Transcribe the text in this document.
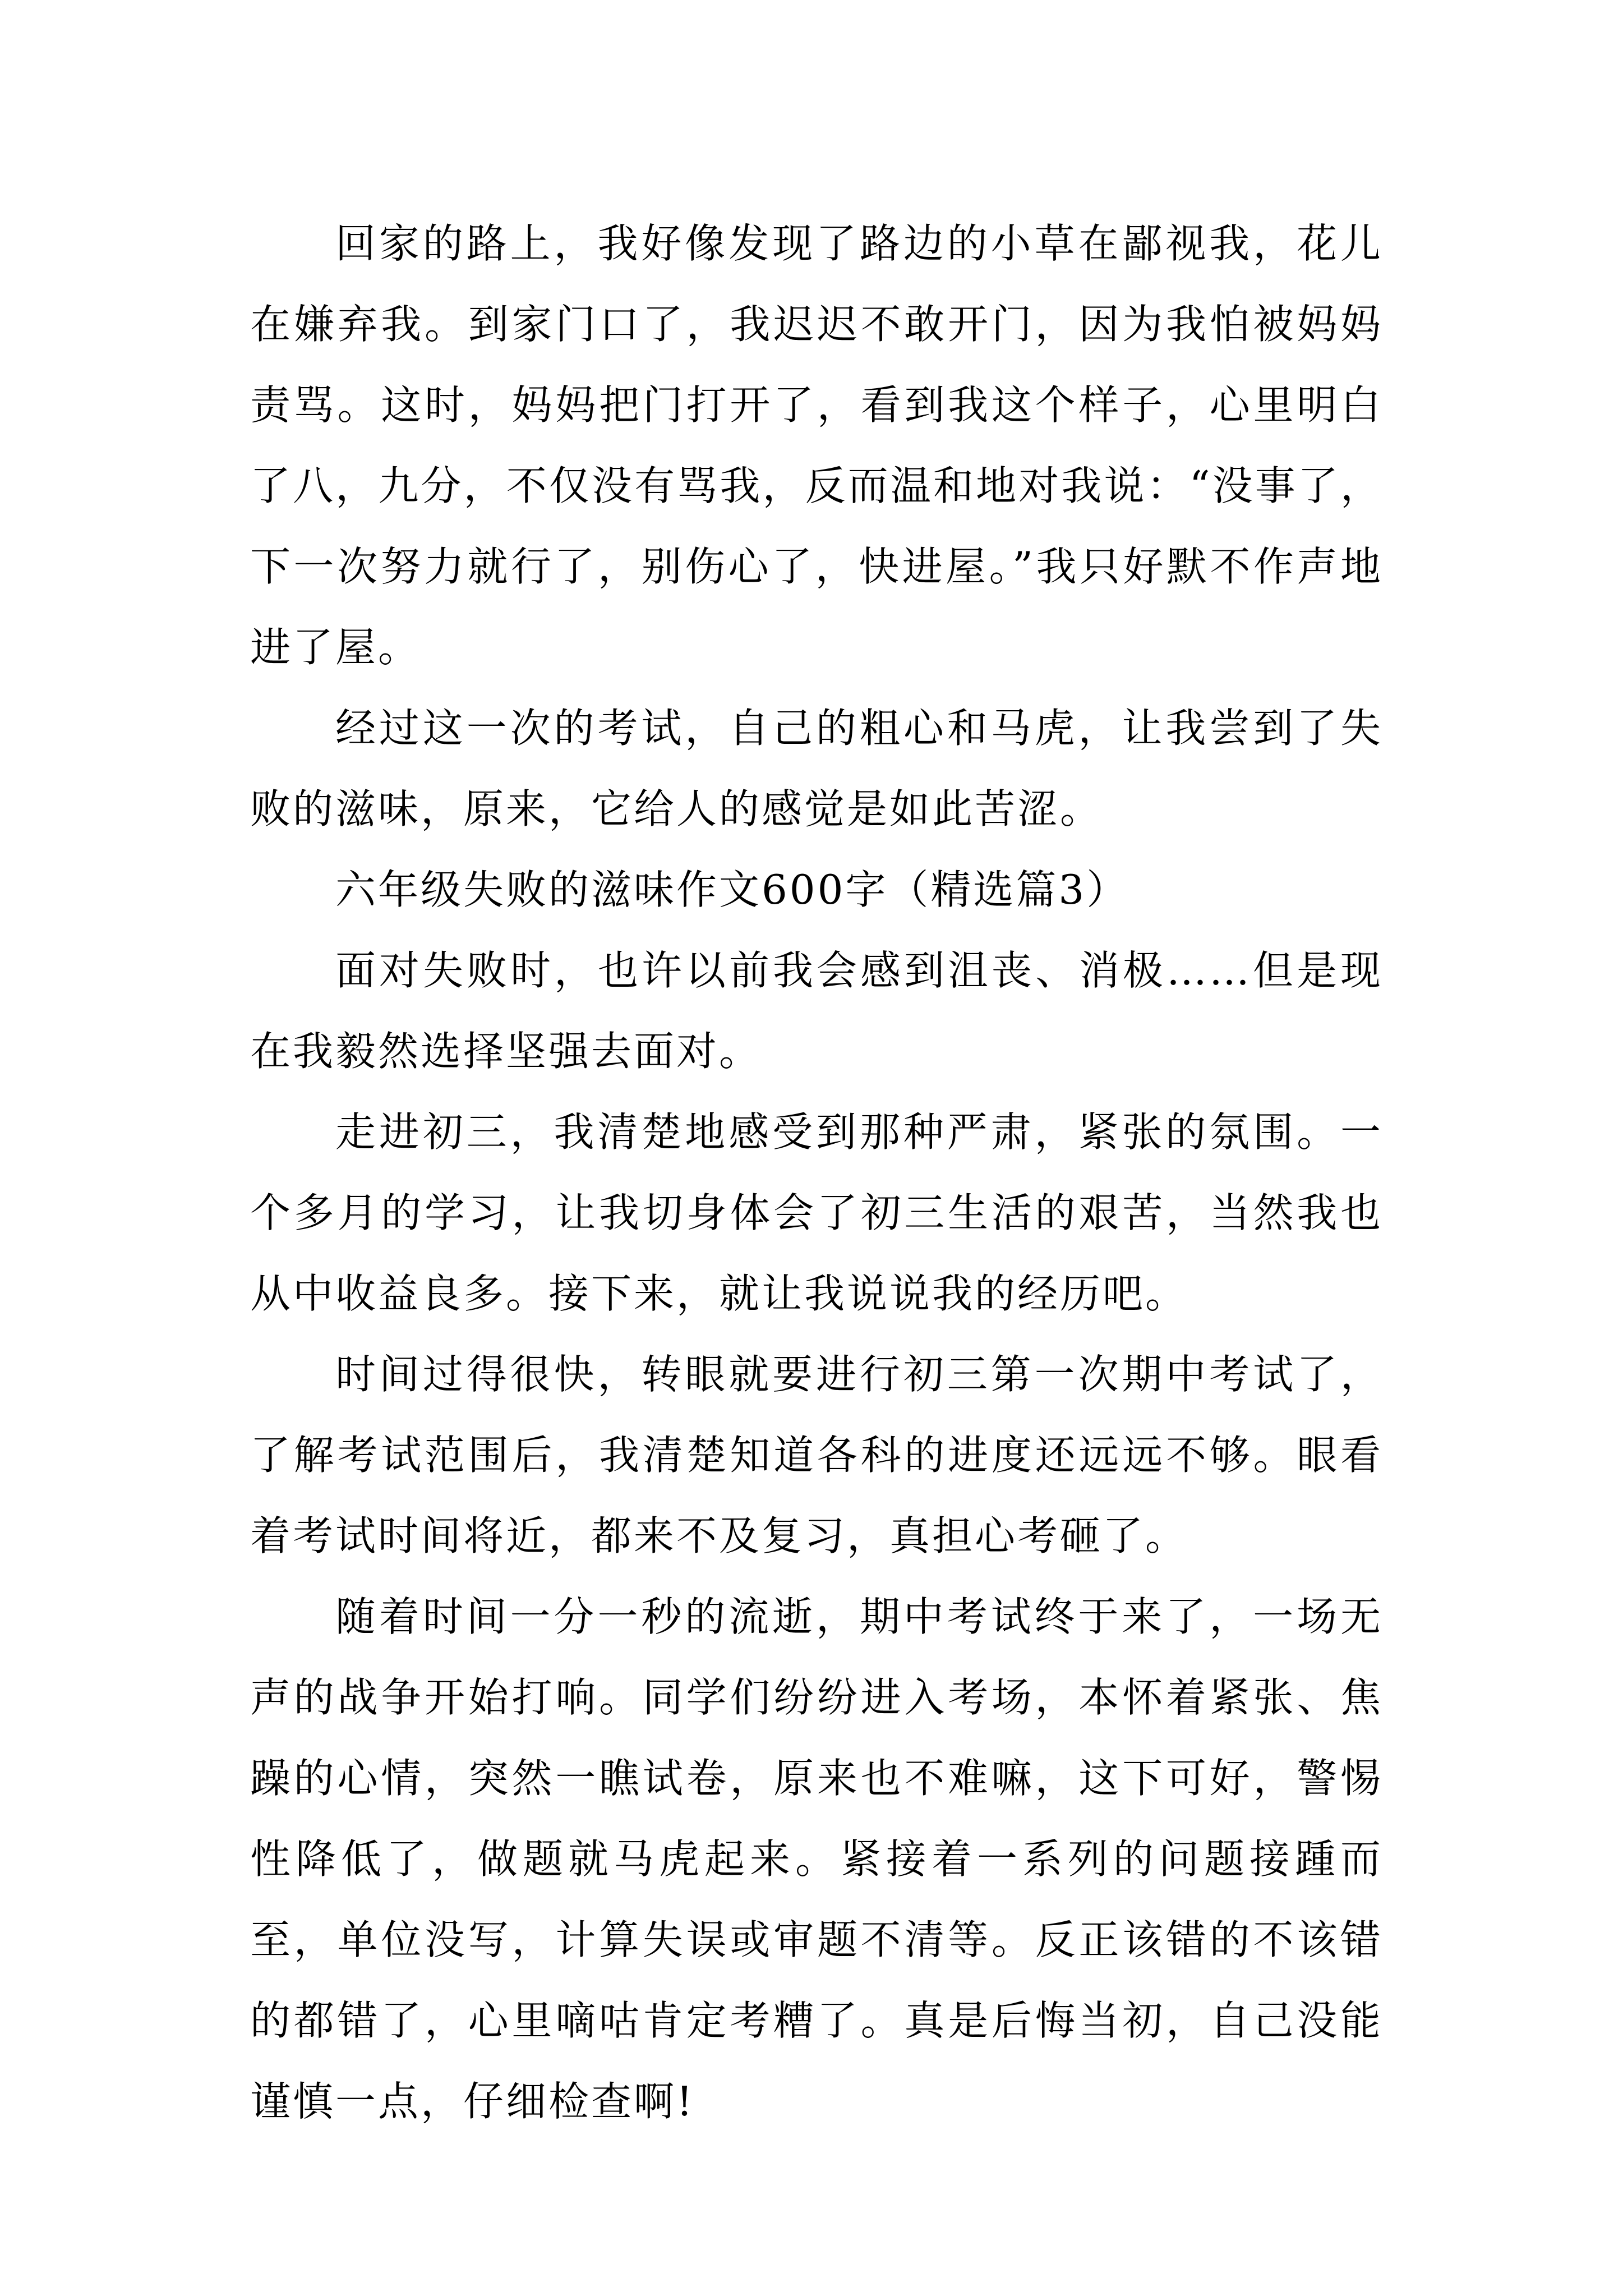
回家的路上，我好像发现了路边的小草在鄙视我，花儿在嫌弃我。到家门口了，我迟迟不敢开门，因为我怕被妈妈责骂。这时，妈妈把门打开了，看到我这个样子，心里明白了八，九分，不仅没有骂我，反而温和地对我说：“没事了，下一次努力就行了，别伤心了，快进屋。”我只好默不作声地进了屋。

经过这一次的考试，自己的粗心和马虎，让我尝到了失败的滋味，原来，它给人的感觉是如此苦涩。

六年级失败的滋味作文600字（精选篇3）

面对失败时，也许以前我会感到沮丧、消极……但是现在我毅然选择坚强去面对。

走进初三，我清楚地感受到那种严肃，紧张的氛围。一个多月的学习，让我切身体会了初三生活的艰苦，当然我也从中收益良多。接下来，就让我说说我的经历吧。

时间过得很快，转眼就要进行初三第一次期中考试了，了解考试范围后，我清楚知道各科的进度还远远不够。眼看着考试时间将近，都来不及复习，真担心考砸了。

随着时间一分一秒的流逝，期中考试终于来了，一场无声的战争开始打响。同学们纷纷进入考场，本怀着紧张、焦躁的心情，突然一瞧试卷，原来也不难嘛，这下可好，警惕性降低了，做题就马虎起来。紧接着一系列的问题接踵而至，单位没写，计算失误或审题不清等。反正该错的不该错的都错了，心里嘀咕肯定考糟了。真是后悔当初，自己没能谨慎一点，仔细检查啊!
